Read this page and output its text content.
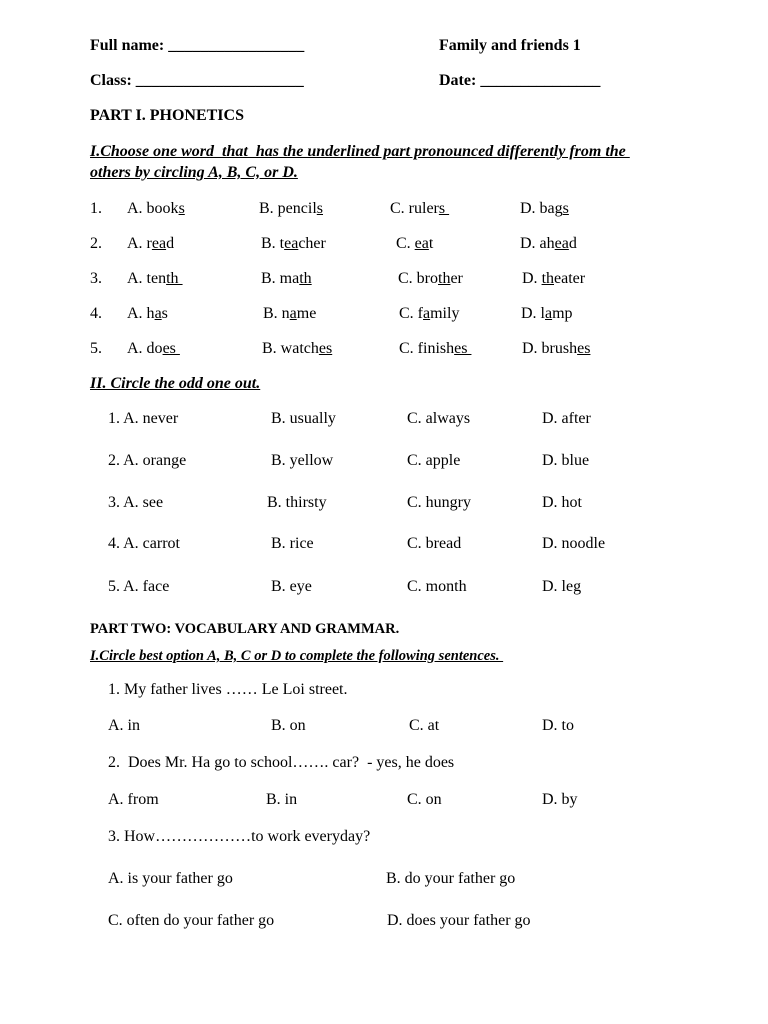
Full name: _________________	Family and friends 1
Class: _____________________	Date: _______________
PART I. PHONETICS
I.Choose one word  that  has the underlined part pronounced differently from the
others by circling A, B, C, or D.
1. A. books	B. pencils	C. rulers	D. bags
2. A. read	B. teacher	C. eat	D. ahead
3. A. tenth	B. math	C. brother	D. theater
4. A. has	B. name	C. family	D. lamp
5. A. does	B. watches	C. finishes	D. brushes
II. Circle the odd one out.
1. A. never	B. usually	C. always	D. after
2. A. orange	B. yellow	C. apple	D. blue
3. A. see	B. thirsty	C. hungry	D. hot
4. A. carrot	B. rice	C. bread	D. noodle
5. A. face	B. eye	C. month	D. leg
PART TWO: VOCABULARY AND GRAMMAR.
I.Circle best option A, B, C or D to complete the following sentences.
1. My father lives …… Le Loi street.
A. in	B. on	C. at	D. to
2.  Does Mr. Ha go to school……. car?  - yes, he does
A. from	B. in	C. on	D. by
3. How………………to work everyday?
A. is your father go	B. do your father go
C. often do your father go	D. does your father go
